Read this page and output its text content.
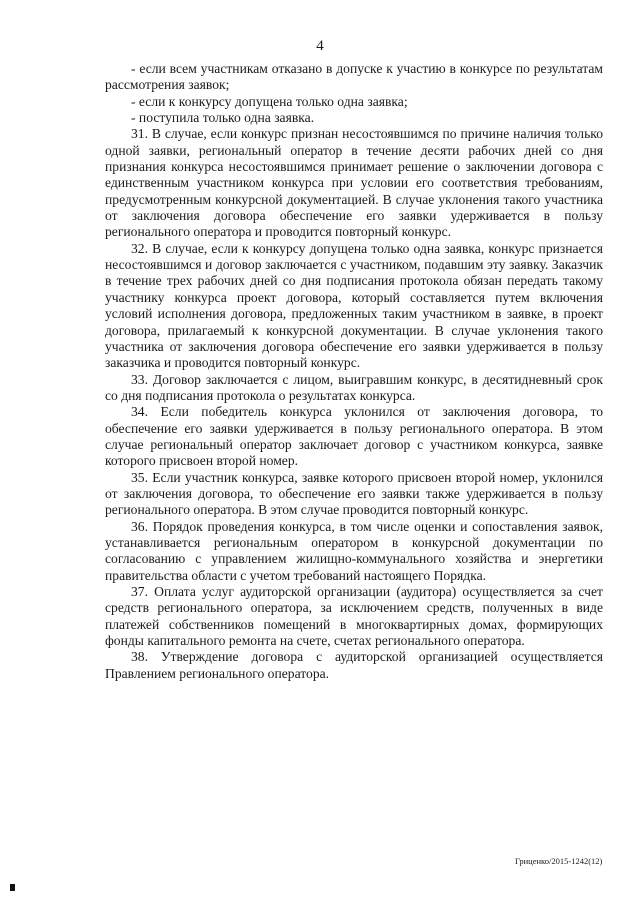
4

- если всем участникам отказано в допуске к участию в конкурсе по результатам рассмотрения заявок;

- если к конкурсу допущена только одна заявка;

- поступила только одна заявка.

31. В случае, если конкурс признан несостоявшимся по причине наличия только одной заявки, региональный оператор в течение десяти рабочих дней со дня признания конкурса несостоявшимся принимает решение о заключении договора с единственным участником конкурса при условии его соответствия требованиям, предусмотренным конкурсной документацией. В случае уклонения такого участника от заключения договора обеспечение его заявки удерживается в пользу регионального оператора и проводится повторный конкурс.

32. В случае, если к конкурсу допущена только одна заявка, конкурс признается несостоявшимся и договор заключается с участником, подавшим эту заявку. Заказчик в течение трех рабочих дней со дня подписания протокола обязан передать такому участнику конкурса проект договора, который составляется путем включения условий исполнения договора, предложенных таким участником в заявке, в проект договора, прилагаемый к конкурсной документации. В случае уклонения такого участника от заключения договора обеспечение его заявки удерживается в пользу заказчика и проводится повторный конкурс.

33. Договор заключается с лицом, выигравшим конкурс, в десятидневный срок со дня подписания протокола о результатах конкурса.

34. Если победитель конкурса уклонился от заключения договора, то обеспечение его заявки удерживается в пользу регионального оператора. В этом случае региональный оператор заключает договор с участником конкурса, заявке которого присвоен второй номер.

35. Если участник конкурса, заявке которого присвоен второй номер, уклонился от заключения договора, то обеспечение его заявки также удерживается в пользу регионального оператора. В этом случае проводится повторный конкурс.

36. Порядок проведения конкурса, в том числе оценки и сопоставления заявок, устанавливается региональным оператором в конкурсной документации по согласованию с управлением жилищно-коммунального хозяйства и энергетики правительства области с учетом требований настоящего Порядка.

37. Оплата услуг аудиторской организации (аудитора) осуществляется за счет средств регионального оператора, за исключением средств, полученных в виде платежей собственников помещений в многоквартирных домах, формирующих фонды капитального ремонта на счете, счетах регионального оператора.

38. Утверждение договора с аудиторской организацией осуществляется Правлением регионального оператора.

Гриценко/2015-1242(12)
